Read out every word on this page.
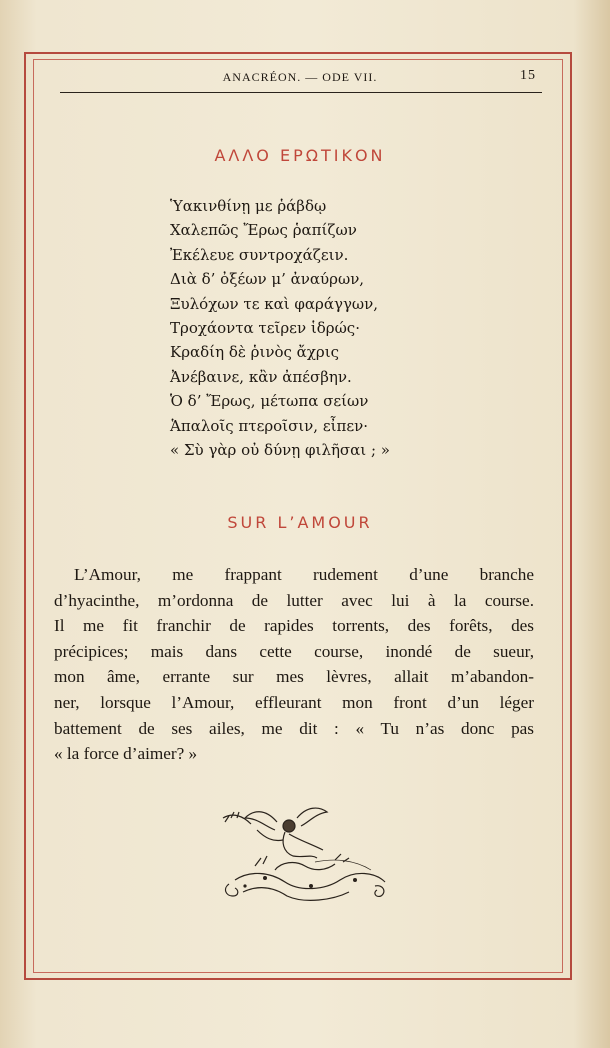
ANACRÉON. — ODE VII.	15
ΑΛΛΟ ΕΡΩΤΙΚΟΝ
Ὑακινθίνῃ με ῥάβδῳ
Χαλεπῶς Ἔρως ῥαπίζων
Ἐκέλευε συντροχάζειν.
Διὰ δ’ ὀξέων μ’ ἀναύρων,
Ξυλόχων τε καὶ φαράγγων,
Τροχάοντα τεῖρεν ἱδρώς·
Κραδίη δὲ ῥινὸς ἄχρις
Ἀνέβαινε, κἂν ἀπέσβην.
Ὁ δ’ Ἔρως, μέτωπα σείων
Ἁπαλοῖς πτεροῖσιν, εἶπεν·
« Σὺ γὰρ οὐ δύνῃ φιλῆσαι ; »
SUR L’AMOUR
L’Amour, me frappant rudement d’une branche
d’hyacinthe, m’ordonna de lutter avec lui à la course.
Il me fit franchir de rapides torrents, des forêts, des
précipices; mais dans cette course, inondé de sueur,
mon âme, errante sur mes lèvres, allait m’abandon-
ner, lorsque l’Amour, effleurant mon front d’un léger
battement de ses ailes, me dit : « Tu n’as donc pas
« la force d’aimer? »
